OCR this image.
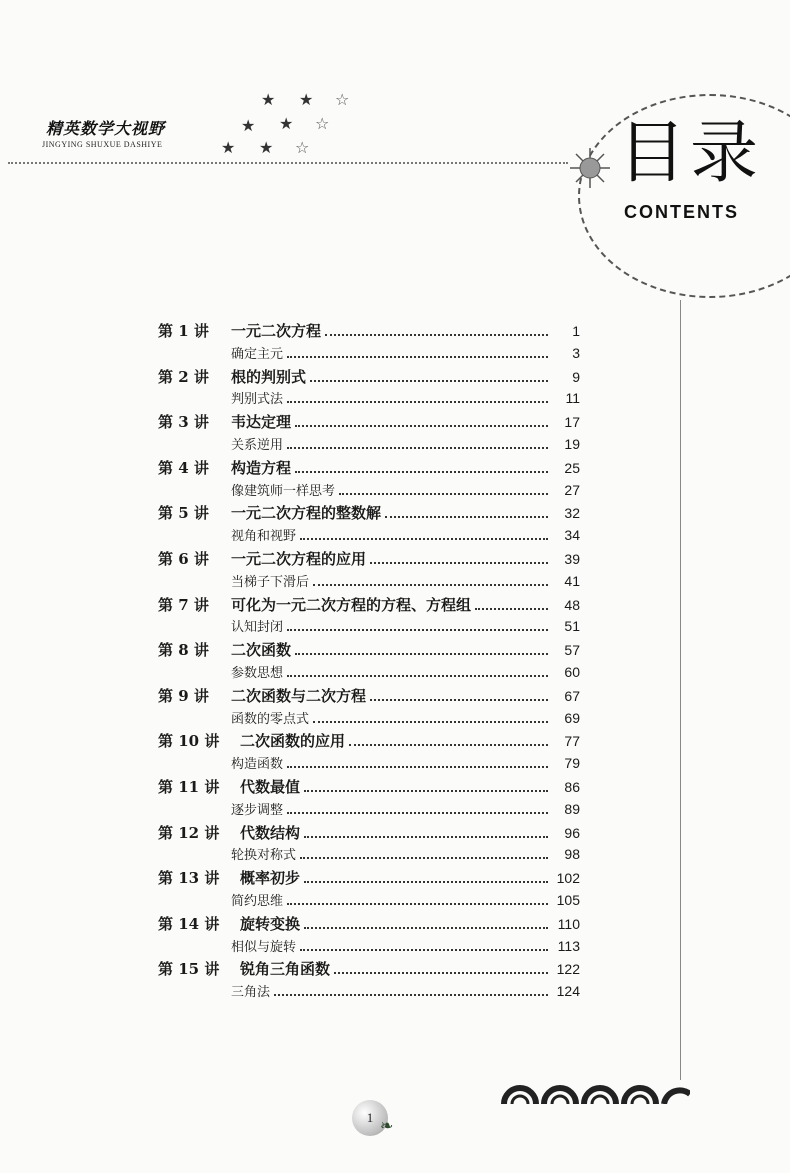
精英数学大视野
JINGYING SHUXUE DASHIYE
★ ★ ☆
★ ★ ☆
★ ★ ☆	目录
CONTENTS
第 1 讲	一元二次方程	1
确定主元	3
第 2 讲	根的判别式	9
判别式法	11
第 3 讲	韦达定理	17
关系逆用	19
第 4 讲	构造方程	25
像建筑师一样思考	27
第 5 讲	一元二次方程的整数解	32
视角和视野	34
第 6 讲	一元二次方程的应用	39
当梯子下滑后	41
第 7 讲	可化为一元二次方程的方程、方程组	48
认知封闭	51
第 8 讲	二次函数	57
参数思想	60
第 9 讲	二次函数与二次方程	67
函数的零点式	69
第 10 讲	二次函数的应用	77
构造函数	79
第 11 讲	代数最值	86
逐步调整	89
第 12 讲	代数结构	96
轮换对称式	98
第 13 讲	概率初步	102
简约思维	105
第 14 讲	旋转变换	110
相似与旋转	113
第 15 讲	锐角三角函数	122
三角法	124
1 ❧
